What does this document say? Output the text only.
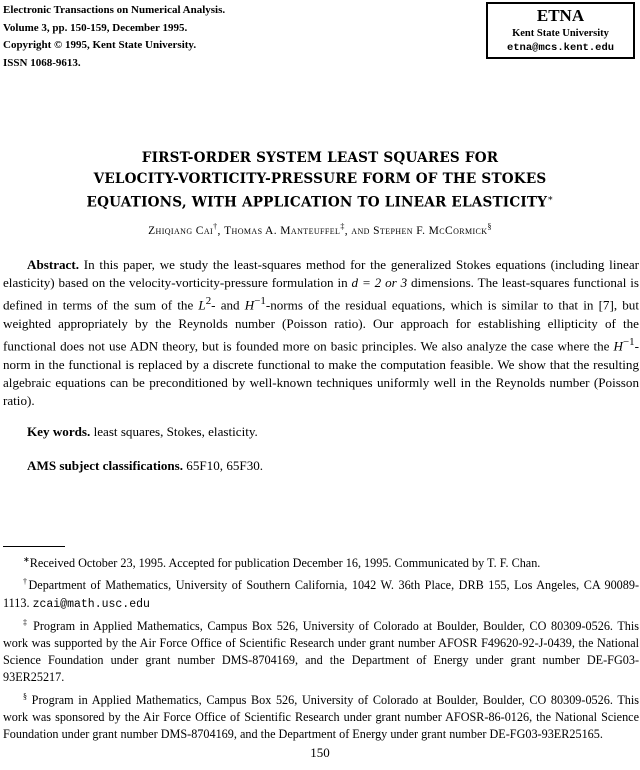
Electronic Transactions on Numerical Analysis.
Volume 3, pp. 150-159, December 1995.
Copyright © 1995, Kent State University.
ISSN 1068-9613.
ETNA
Kent State University
etna@mcs.kent.edu
FIRST-ORDER SYSTEM LEAST SQUARES FOR
VELOCITY-VORTICITY-PRESSURE FORM OF THE STOKES
EQUATIONS, WITH APPLICATION TO LINEAR ELASTICITY∗
Zhiqiang Cai†, Thomas A. Manteuffel‡, and Stephen F. McCormick§

Abstract. In this paper, we study the least-squares method for the generalized Stokes equations (including linear elasticity) based on the velocity-vorticity-pressure formulation in d = 2 or 3 dimensions. The least-squares functional is defined in terms of the sum of the $L^2-$ and $H^{-1}$-norms of the residual equations, which is similar to that in [7], but weighted appropriately by the Reynolds number (Poisson ratio). Our approach for establishing ellipticity of the functional does not use ADN theory, but is founded more on basic principles. We also analyze the case where the $H^{-1}$-norm in the functional is replaced by a discrete functional to make the computation feasible. We show that the resulting algebraic equations can be preconditioned by well-known techniques uniformly well in the Reynolds number (Poisson ratio).

Key words. least squares, Stokes, elasticity.
AMS subject classifications. 65F10, 65F30.

∗Received October 23, 1995. Accepted for publication December 16, 1995. Communicated by T. F. Chan.

†Department of Mathematics, University of Southern California, 1042 W. 36th Place, DRB 155, Los Angeles, CA 90089-1113. zcai@math.usc.edu

‡ Program in Applied Mathematics, Campus Box 526, University of Colorado at Boulder, Boulder, CO 80309-0526. This work was supported by the Air Force Office of Scientific Research under grant number AFOSR F49620-92-J-0439, the National Science Foundation under grant number DMS-8704169, and the Department of Energy under grant number DE-FG03-93ER25217.

§ Program in Applied Mathematics, Campus Box 526, University of Colorado at Boulder, Boulder, CO 80309-0526. This work was sponsored by the Air Force Office of Scientific Research under grant number AFOSR-86-0126, the National Science Foundation under grant number DMS-8704169, and the Department of Energy under grant number DE-FG03-93ER25165.

150
